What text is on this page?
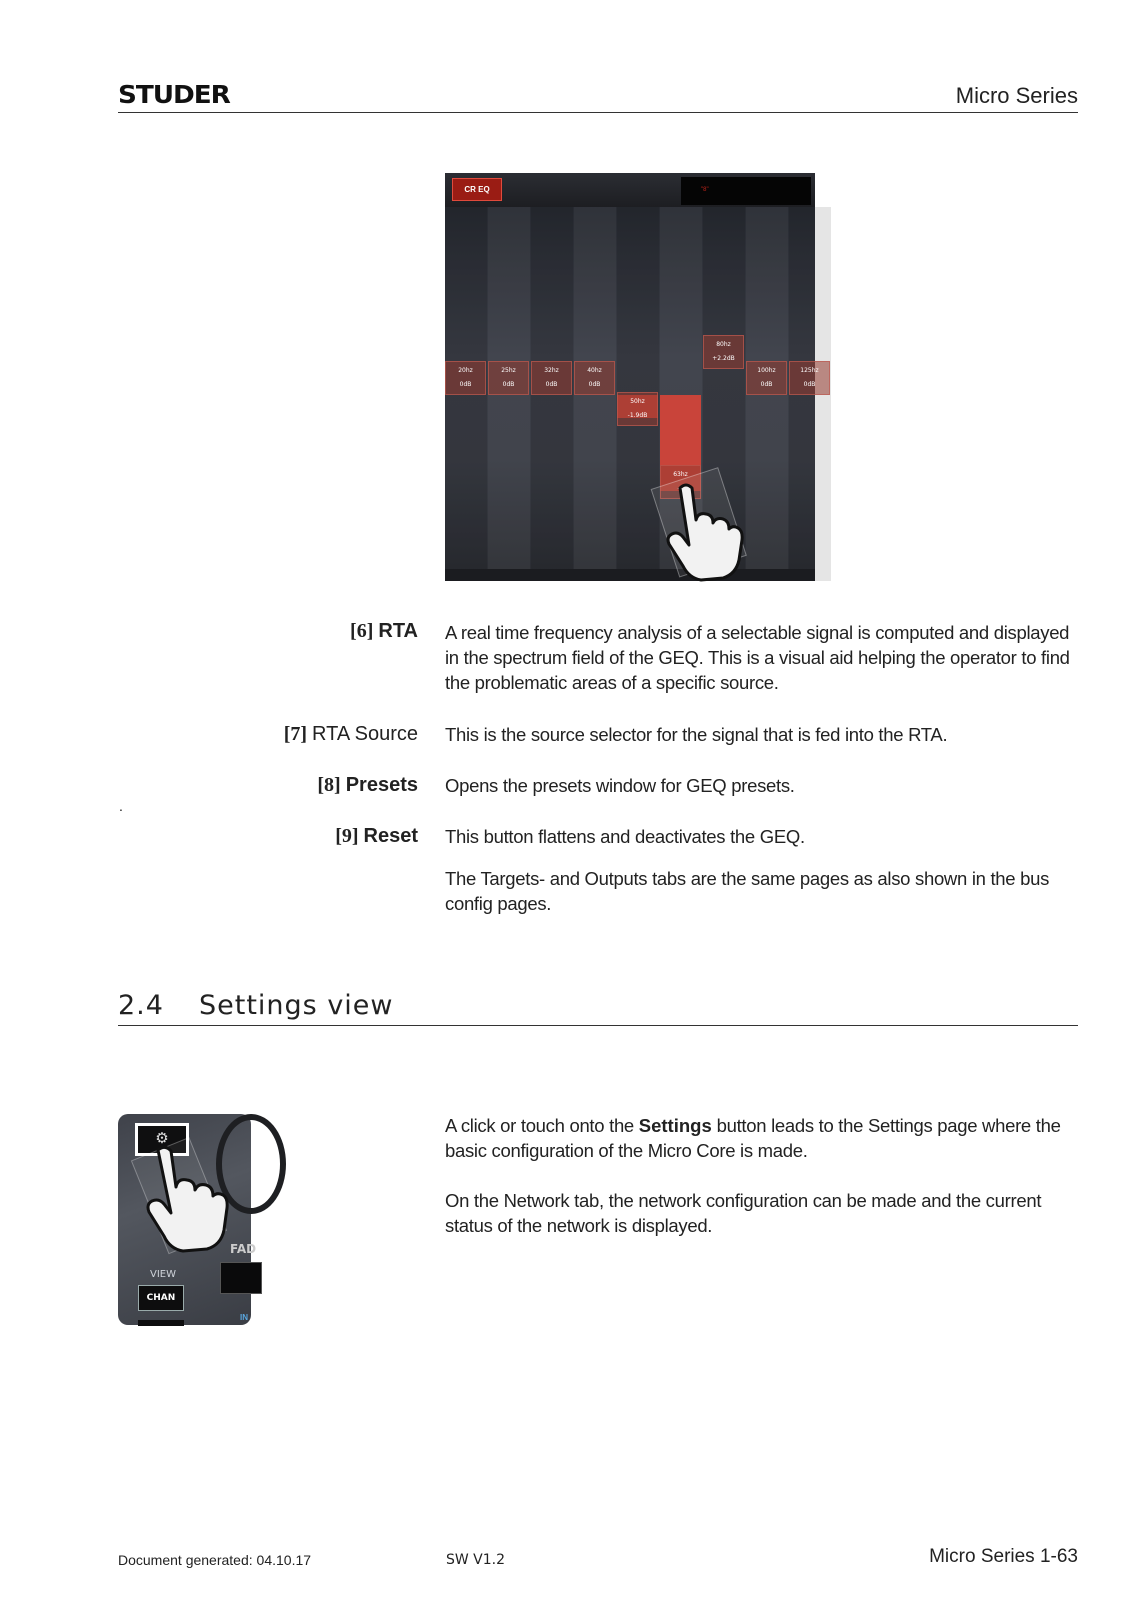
STUDER	Micro Series
CR EQ	"8"
20hz
0dB
25hz
0dB
32hz
0dB
40hz
0dB
50hz
-1.9dB
63hz
80hz
+2.2dB
100hz
0dB
125hz
0dB
[6] RTA A real time frequency analysis of a selectable signal is computed and displayed in the spectrum field of the GEQ. This is a visual aid helping the operator to find the problematic areas of a specific source.
[7] RTA Source This is the source selector for the signal that is fed into the RTA.
[8] Presets Opens the presets window for GEQ presets.
[9] Reset This button flattens and deactivates the GEQ.
The Targets- and Outputs tabs are the same pages as also shown in the bus config pages.
.
2.4 Settings view
⚙
FAD
VIEW
CHAN
IN
A click or touch onto the Settings button leads to the Settings page where the basic configuration of the Micro Core is made.
On the Network tab, the network configuration can be made and the current status of the network is displayed.
Document generated: 04.10.17	SW V1.2	Micro Series 1-63
